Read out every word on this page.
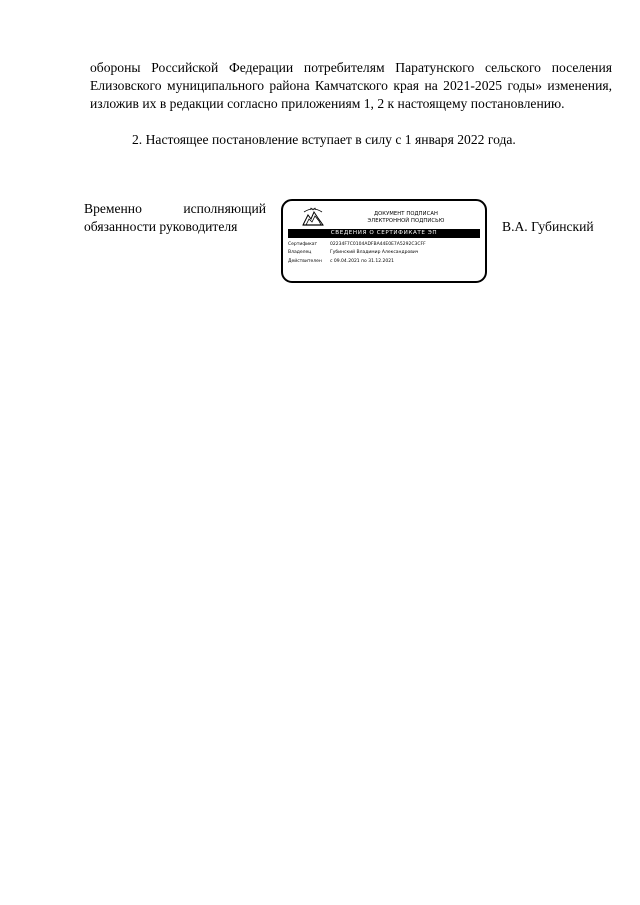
обороны Российской Федерации потребителям Паратунского сельского поселения Елизовского муниципального района Камчатского края на 2021-2025 годы» изменения, изложив их в редакции согласно приложениям 1, 2 к настоящему постановлению.
2. Настоящее постановление вступает в силу с 1 января 2022 года.
Временно	исполняющий
обязанности руководителя
ДОКУМЕНТ ПОДПИСАН
ЭЛЕКТРОННОЙ ПОДПИСЬЮ
СВЕДЕНИЯ О СЕРТИФИКАТЕ ЭП
Сертификат	02234F7C0104ADFBA44E0E7A5292C3CFF
Владелец	Губинский Владимир Александрович
Действителен	с 09.04.2021 по 31.12.2021
В.А. Губинский
